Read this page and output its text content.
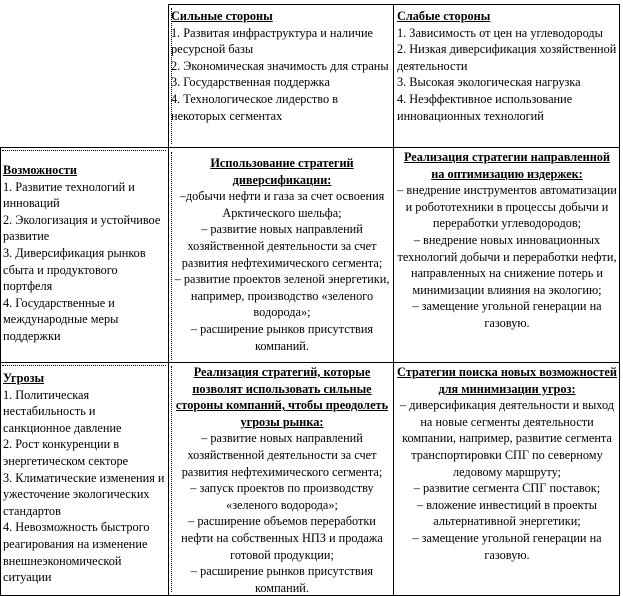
Сильные стороны
1. Развитая инфраструктура и наличие ресурсной базы
2. Экономическая значимость для страны
3. Государственная поддержка
4. Технологическое лидерство в некоторых сегментах
Слабые стороны
1. Зависимость от цен на углеводороды
2. Низкая диверсификация хозяйственной деятельности
3. Высокая экологическая нагрузка
4. Неэффективное использование инновационных технологий
Возможности
1. Развитие технологий и инноваций
2. Экологизация и устойчивое развитие
3. Диверсификация рынков сбыта и продуктового портфеля
4. Государственные и международные меры поддержки
Использование стратегий диверсификации:
–добычи нефти и газа за счет освоения Арктического шельфа;
– развитие новых направлений хозяйственной деятельности за счет развития нефтехимического сегмента;
– развитие проектов зеленой энергетики, например, производство «зеленого водорода»;
– расширение рынков присутствия компаний.
Реализация стратегии направленной на оптимизацию издержек:
– внедрение инструментов автоматизации и робототехники в процессы добычи и переработки углеводородов;
– внедрение новых инновационных технологий добычи и переработки нефти, направленных на снижение потерь и минимизации влияния на экологию;
– замещение угольной генерации на газовую.
Угрозы
1. Политическая нестабильность и санкционное давление
2. Рост конкуренции в энергетическом секторе
3. Климатические изменения и ужесточение экологических стандартов
4. Невозможность быстрого реагирования на изменение внешнеэкономической ситуации
Реализация стратегий, которые позволят использовать сильные стороны компаний, чтобы преодолеть угрозы рынка:
– развитие новых направлений хозяйственной деятельности за счет развития нефтехимического сегмента;
– запуск проектов по производству «зеленого водорода»;
– расширение объемов переработки нефти на собственных НПЗ и продажа готовой продукции;
– расширение рынков присутствия компаний.
Стратегии поиска новых возможностей для минимизации угроз:
– диверсификация деятельности и выход на новые сегменты деятельности компании, например, развитие сегмента транспортировки СПГ по северному ледовому маршруту;
– развитие сегмента СПГ поставок;
– вложение инвестиций в проекты альтернативной энергетики;
– замещение угольной генерации на газовую.
